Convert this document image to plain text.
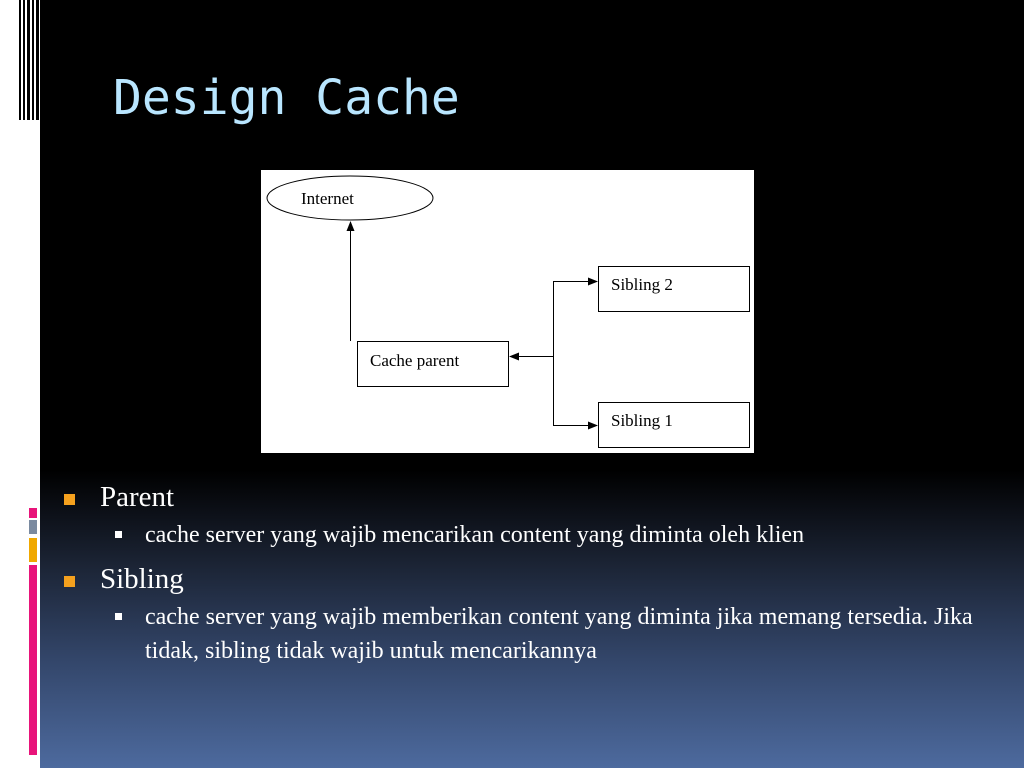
Design Cache
Internet
Cache parent
Sibling 2
Sibling 1
Parent
cache server yang wajib mencarikan content yang diminta oleh klien
Sibling
cache server yang wajib memberikan content yang diminta jika memang tersedia. Jika tidak, sibling tidak wajib untuk mencarikannya
